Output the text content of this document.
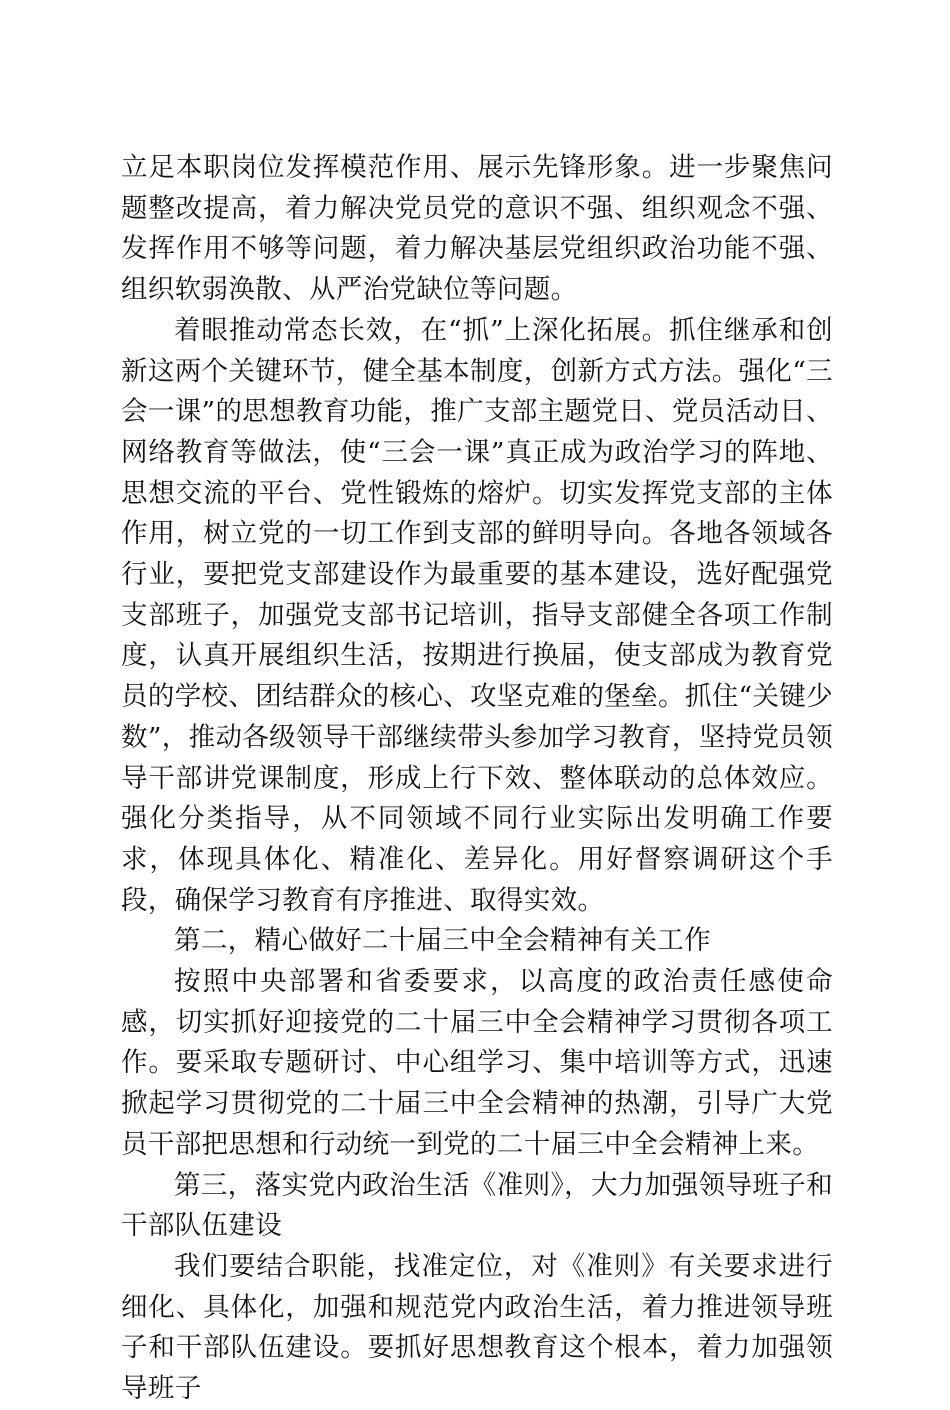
立足本职岗位发挥模范作用、展示先锋形象。进一步聚焦问题整改提高，着力解决党员党的意识不强、组织观念不强、发挥作用不够等问题，着力解决基层党组织政治功能不强、组织软弱涣散、从严治党缺位等问题。

着眼推动常态长效，在“抓”上深化拓展。抓住继承和创新这两个关键环节，健全基本制度，创新方式方法。强化“三会一课”的思想教育功能，推广支部主题党日、党员活动日、网络教育等做法，使“三会一课”真正成为政治学习的阵地、思想交流的平台、党性锻炼的熔炉。切实发挥党支部的主体作用，树立党的一切工作到支部的鲜明导向。各地各领域各行业，要把党支部建设作为最重要的基本建设，选好配强党支部班子，加强党支部书记培训，指导支部健全各项工作制度，认真开展组织生活，按期进行换届，使支部成为教育党员的学校、团结群众的核心、攻坚克难的堡垒。抓住“关键少数”，推动各级领导干部继续带头参加学习教育，坚持党员领导干部讲党课制度，形成上行下效、整体联动的总体效应。强化分类指导，从不同领域不同行业实际出发明确工作要求，体现具体化、精准化、差异化。用好督察调研这个手段，确保学习教育有序推进、取得实效。

第二，精心做好二十届三中全会精神有关工作

按照中央部署和省委要求，以高度的政治责任感使命感，切实抓好迎接党的二十届三中全会精神学习贯彻各项工作。要采取专题研讨、中心组学习、集中培训等方式，迅速掀起学习贯彻党的二十届三中全会精神的热潮，引导广大党员干部把思想和行动统一到党的二十届三中全会精神上来。

第三，落实党内政治生活《准则》，大力加强领导班子和干部队伍建设

我们要结合职能，找准定位，对《准则》有关要求进行细化、具体化，加强和规范党内政治生活，着力推进领导班子和干部队伍建设。要抓好思想教育这个根本，着力加强领导班子
